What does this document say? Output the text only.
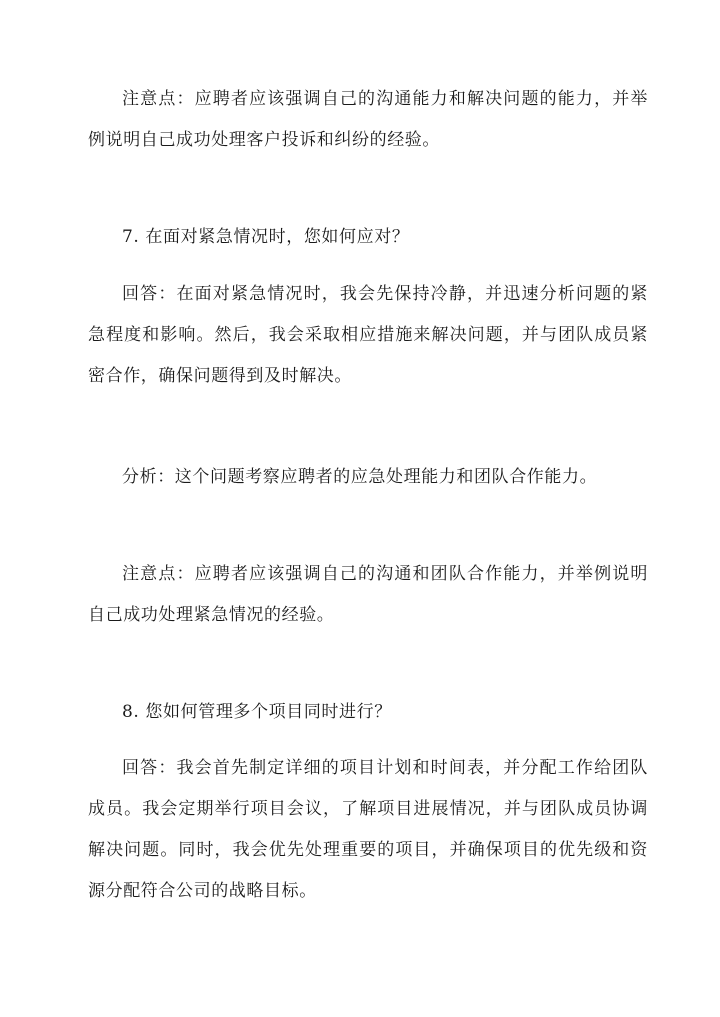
注意点：应聘者应该强调自己的沟通能力和解决问题的能力，并举例说明自己成功处理客户投诉和纠纷的经验。

7. 在面对紧急情况时，您如何应对？

回答：在面对紧急情况时，我会先保持冷静，并迅速分析问题的紧急程度和影响。然后，我会采取相应措施来解决问题，并与团队成员紧密合作，确保问题得到及时解决。

分析：这个问题考察应聘者的应急处理能力和团队合作能力。

注意点：应聘者应该强调自己的沟通和团队合作能力，并举例说明自己成功处理紧急情况的经验。

8. 您如何管理多个项目同时进行？

回答：我会首先制定详细的项目计划和时间表，并分配工作给团队成员。我会定期举行项目会议，了解项目进展情况，并与团队成员协调解决问题。同时，我会优先处理重要的项目，并确保项目的优先级和资源分配符合公司的战略目标。
